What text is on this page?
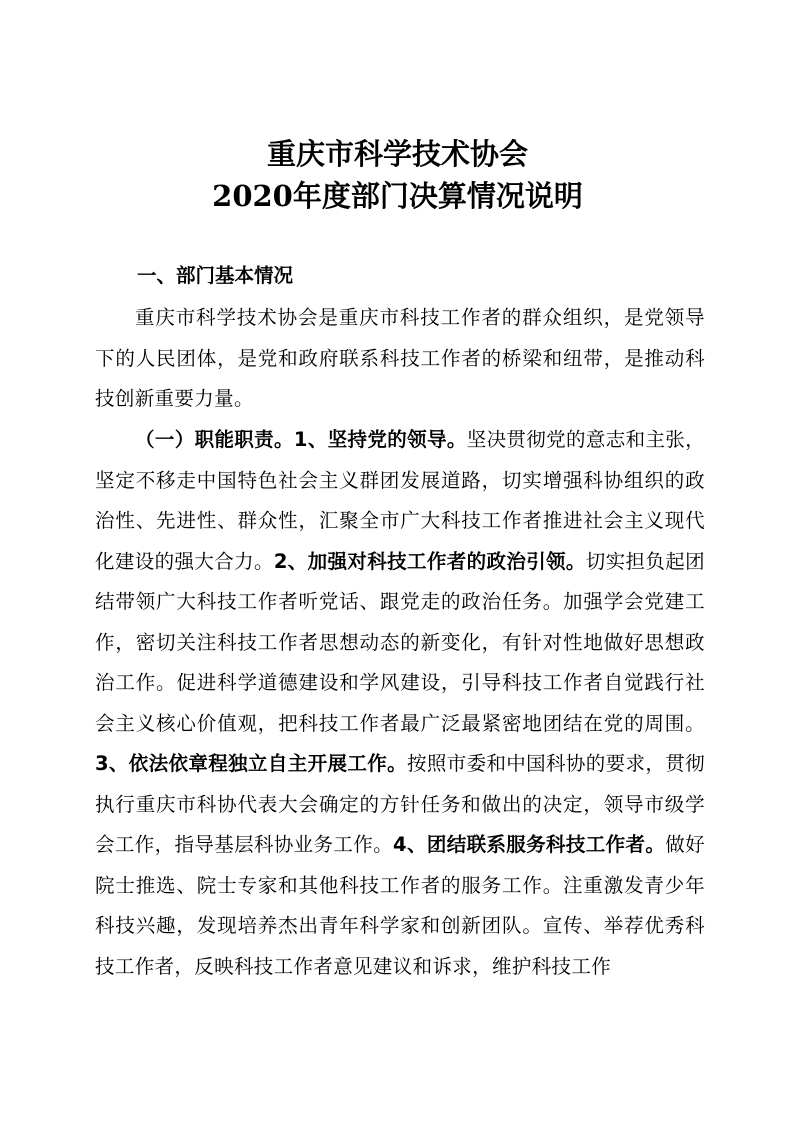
重庆市科学技术协会
2020年度部门决算情况说明
一、部门基本情况

重庆市科学技术协会是重庆市科技工作者的群众组织，是党领导下的人民团体，是党和政府联系科技工作者的桥梁和纽带，是推动科技创新重要力量。

（一）职能职责。1、坚持党的领导。坚决贯彻党的意志和主张，坚定不移走中国特色社会主义群团发展道路，切实增强科协组织的政治性、先进性、群众性，汇聚全市广大科技工作者推进社会主义现代化建设的强大合力。2、加强对科技工作者的政治引领。切实担负起团结带领广大科技工作者听党话、跟党走的政治任务。加强学会党建工作，密切关注科技工作者思想动态的新变化，有针对性地做好思想政治工作。促进科学道德建设和学风建设，引导科技工作者自觉践行社会主义核心价值观，把科技工作者最广泛最紧密地团结在党的周围。3、依法依章程独立自主开展工作。按照市委和中国科协的要求，贯彻执行重庆市科协代表大会确定的方针任务和做出的决定，领导市级学会工作，指导基层科协业务工作。4、团结联系服务科技工作者。做好院士推选、院士专家和其他科技工作者的服务工作。注重激发青少年科技兴趣，发现培养杰出青年科学家和创新团队。宣传、举荐优秀科技工作者，反映科技工作者意见建议和诉求，维护科技工作
